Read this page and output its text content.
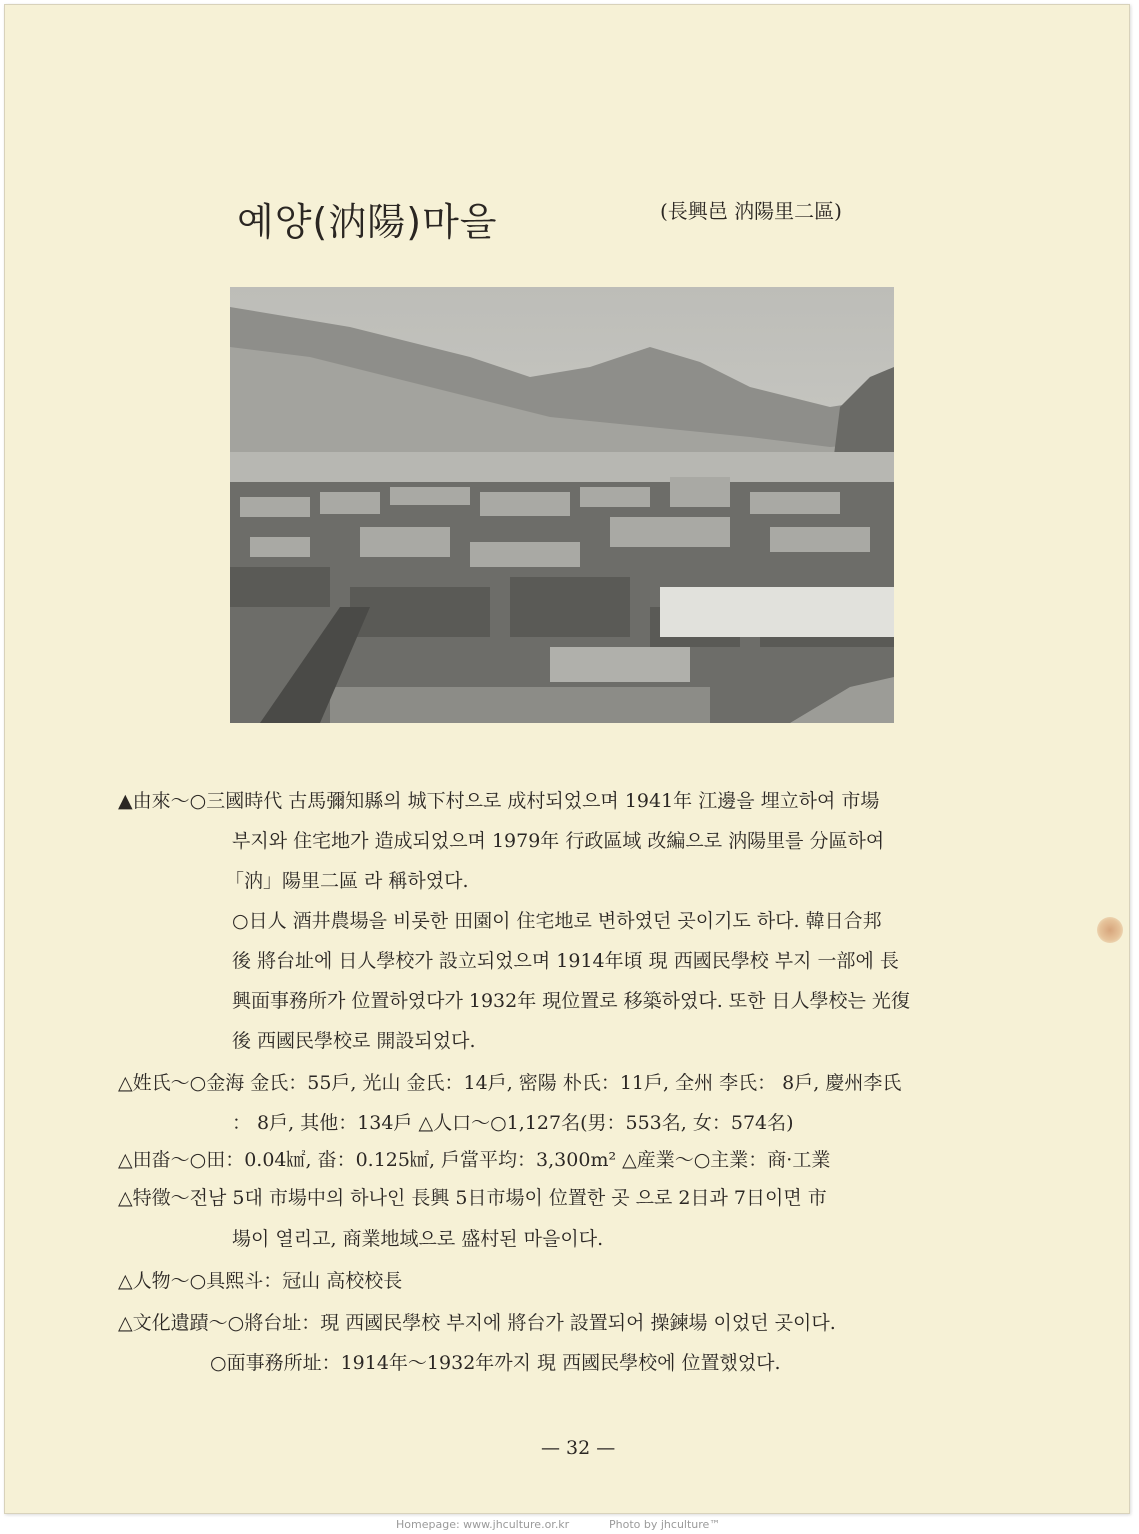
예양(汭陽)마을	(長興邑 汭陽里二區)
▲由來～○三國時代 古馬彌知縣의 城下村으로 成村되었으며 1941年 江邊을 埋立하여 市場
부지와 住宅地가 造成되었으며 1979年 行政區域 改編으로 汭陽里를 分區하여
「汭」陽里二區 라 稱하였다.
○日人 酒井農場을 비롯한 田園이 住宅地로 변하였던 곳이기도 하다. 韓日合邦
後 將台址에 日人學校가 設立되었으며 1914年頃 現 西國民學校 부지 一部에 長
興面事務所가 位置하였다가 1932年 現位置로 移築하였다. 또한 日人學校는 光復
後 西國民學校로 開設되었다.
△姓氏～○金海 金氏：55戶, 光山 金氏：14戶, 密陽 朴氏：11戶, 全州 李氏： 8戶, 慶州李氏
： 8戶, 其他：134戶 △人口～○1,127名(男：553名, 女：574名)
△田畓～○田：0.04㎢, 畓：0.125㎢, 戶當平均：3,300m² △産業～○主業：商·工業
△特徵～전남 5대 市場中의 하나인 長興 5日市場이 位置한 곳 으로 2日과 7日이면 市
場이 열리고, 商業地域으로 盛村된 마을이다.
△人物～○具熙斗：冠山 高校校長
△文化遺蹟～○將台址：現 西國民學校 부지에 將台가 設置되어 操鍊場 이었던 곳이다.
○面事務所址：1914年～1932年까지 現 西國民學校에 位置했었다.
— 32 —
Homepage: www.jhculture.or.kr	Photo by jhculture™
